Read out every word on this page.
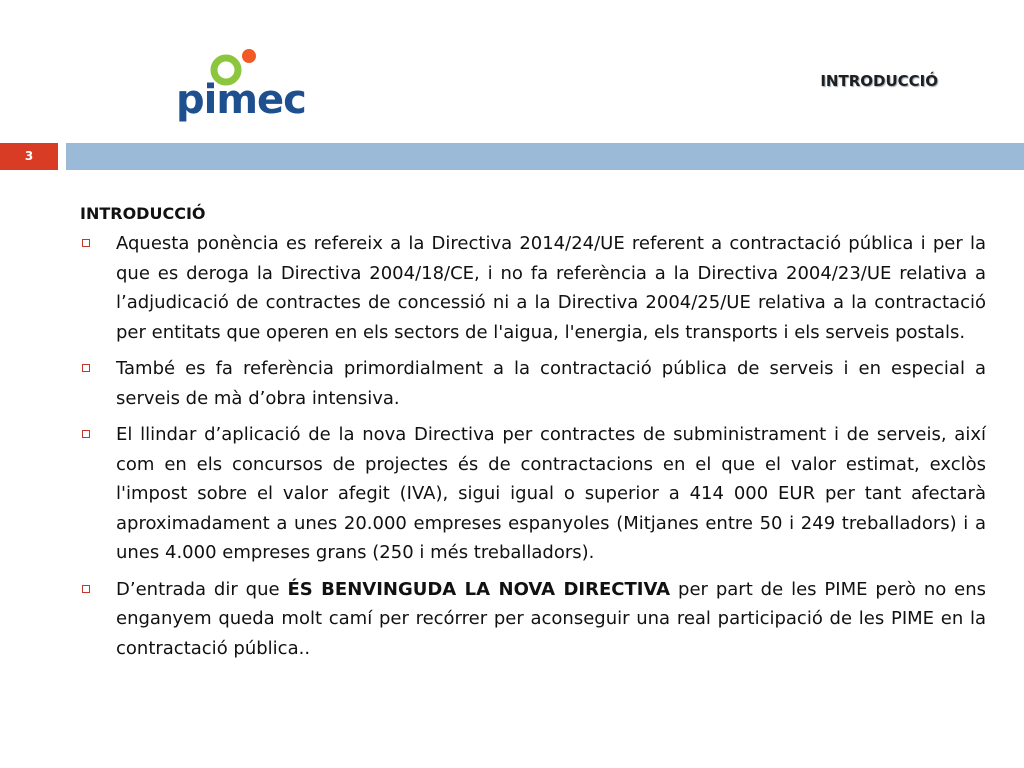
pimec	INTRODUCCIÓ
3
INTRODUCCIÓ
Aquesta ponència es refereix a la Directiva 2014/24/UE referent a contractació pública i per la que es deroga la Directiva 2004/18/CE, i no fa referència a la Directiva 2004/23/UE relativa a l’adjudicació de contractes de concessió ni a la Directiva 2004/25/UE relativa a la contractació per entitats que operen en els sectors de l'aigua, l'energia, els transports i els serveis postals.
També es fa referència primordialment a la contractació pública de serveis i en especial a serveis de mà d’obra intensiva.
El llindar d’aplicació de la nova Directiva per contractes de subministrament i de serveis, així com en els concursos de projectes és de contractacions en el que el valor estimat, exclòs l'impost sobre el valor afegit (IVA), sigui igual o superior a 414 000 EUR per tant afectarà aproximadament a unes 20.000 empreses espanyoles (Mitjanes entre 50 i 249 treballadors) i a unes 4.000 empreses grans (250 i més treballadors).
D’entrada dir que ÉS BENVINGUDA LA NOVA DIRECTIVA per part de les PIME però no ens enganyem queda molt camí per recórrer per aconseguir una real participació de les PIME en la contractació pública..
